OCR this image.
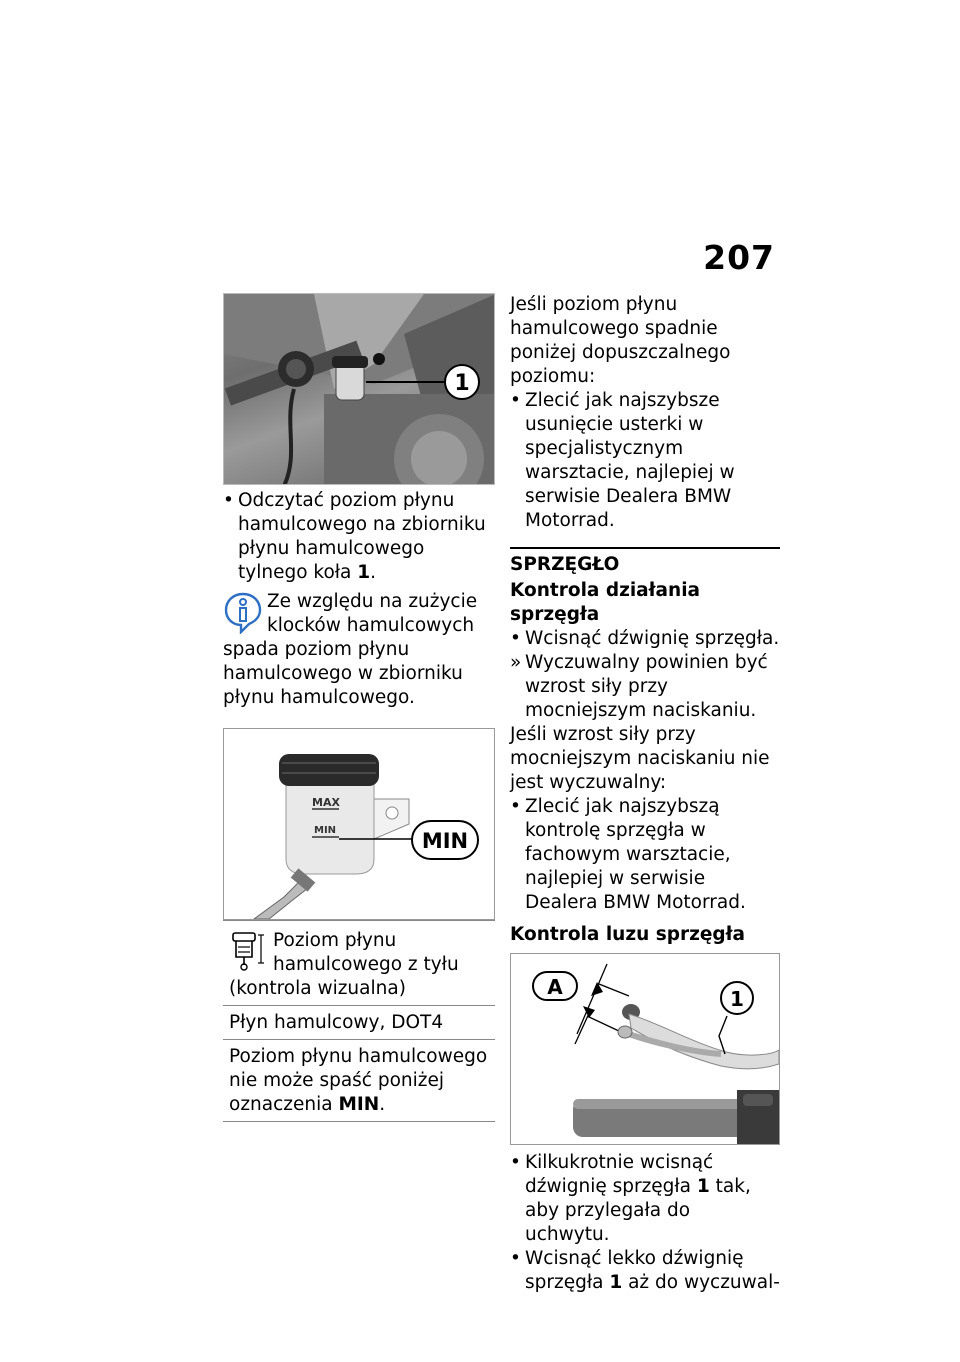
207
1
• Odczytać poziom płynu hamulcowego na zbiorniku płynu hamulcowego tylnego koła 1.

Ze względu na zużycie klocków hamulcowych spada poziom płynu hamulcowego w zbiorniku płynu hamulcowego.

MAX
MIN	MIN

Poziom płynu hamulcowego z tyłu (kontrola wizualna)

Płyn hamulcowy, DOT4

Poziom płynu hamulcowego nie może spaść poniżej oznaczenia MIN.

Jeśli poziom płynu hamulcowego spadnie poniżej dopuszczalnego poziomu:

• Zlecić jak najszybsze usunięcie usterki w specjalistycznym warsztacie, najlepiej w serwisie Dealera BMW Motorrad.
SPRZĘGŁO
Kontrola działania sprzęgła
• Wcisnąć dźwignię sprzęgła.
» Wyczuwalny powinien być wzrost siły przy mocniejszym naciskaniu.

Jeśli wzrost siły przy mocniejszym naciskaniu nie jest wyczuwalny:

• Zlecić jak najszybszą kontrolę sprzęgła w fachowym warsztacie, najlepiej w serwisie Dealera BMW Motorrad.
Kontrola luzu sprzęgła
A	1
• Kilkukrotnie wcisnąć dźwignię sprzęgła 1 tak, aby przylegała do uchwytu.
• Wcisnąć lekko dźwignię sprzęgła 1 aż do wyczuwal-
